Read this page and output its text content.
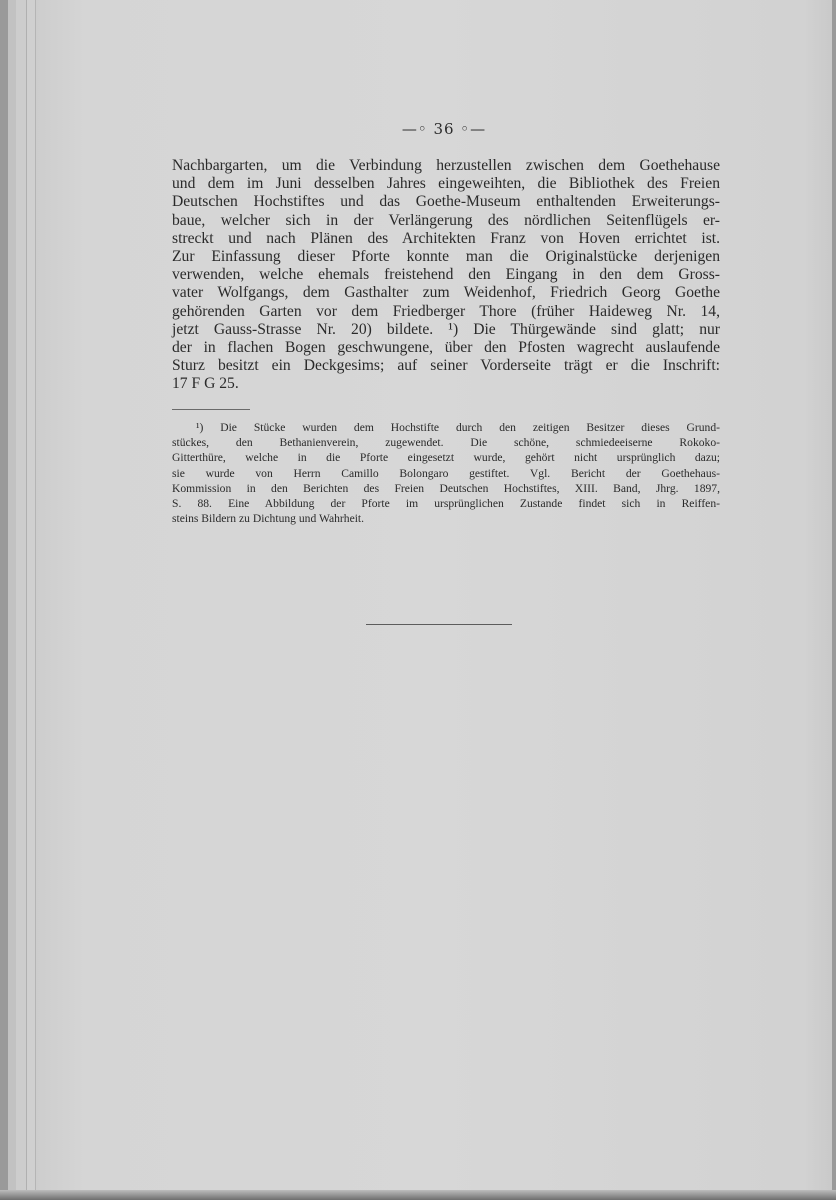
—◦ 36 ◦—
Nachbargarten, um die Verbindung herzustellen zwischen dem Goethehause
und dem im Juni desselben Jahres eingeweihten, die Bibliothek des Freien
Deutschen Hochstiftes und das Goethe-Museum enthaltenden Erweiterungs-
baue, welcher sich in der Verlängerung des nördlichen Seitenflügels er-
streckt und nach Plänen des Architekten Franz von Hoven errichtet ist.
Zur Einfassung dieser Pforte konnte man die Originalstücke derjenigen
verwenden, welche ehemals freistehend den Eingang in den dem Gross-
vater Wolfgangs, dem Gasthalter zum Weidenhof, Friedrich Georg Goethe
gehörenden Garten vor dem Friedberger Thore (früher Haideweg Nr. 14,
jetzt Gauss-Strasse Nr. 20) bildete. ¹) Die Thürgewände sind glatt; nur
der in flachen Bogen geschwungene, über den Pfosten wagrecht auslaufende
Sturz besitzt ein Deckgesims; auf seiner Vorderseite trägt er die Inschrift:
17 F G 25.
¹) Die Stücke wurden dem Hochstifte durch den zeitigen Besitzer dieses Grund-
stückes, den Bethanienverein, zugewendet. Die schöne, schmiedeeiserne Rokoko-
Gitterthüre, welche in die Pforte eingesetzt wurde, gehört nicht ursprünglich dazu;
sie wurde von Herrn Camillo Bolongaro gestiftet. Vgl. Bericht der Goethehaus-
Kommission in den Berichten des Freien Deutschen Hochstiftes, XIII. Band, Jhrg. 1897,
S. 88. Eine Abbildung der Pforte im ursprünglichen Zustande findet sich in Reiffen-
steins Bildern zu Dichtung und Wahrheit.
